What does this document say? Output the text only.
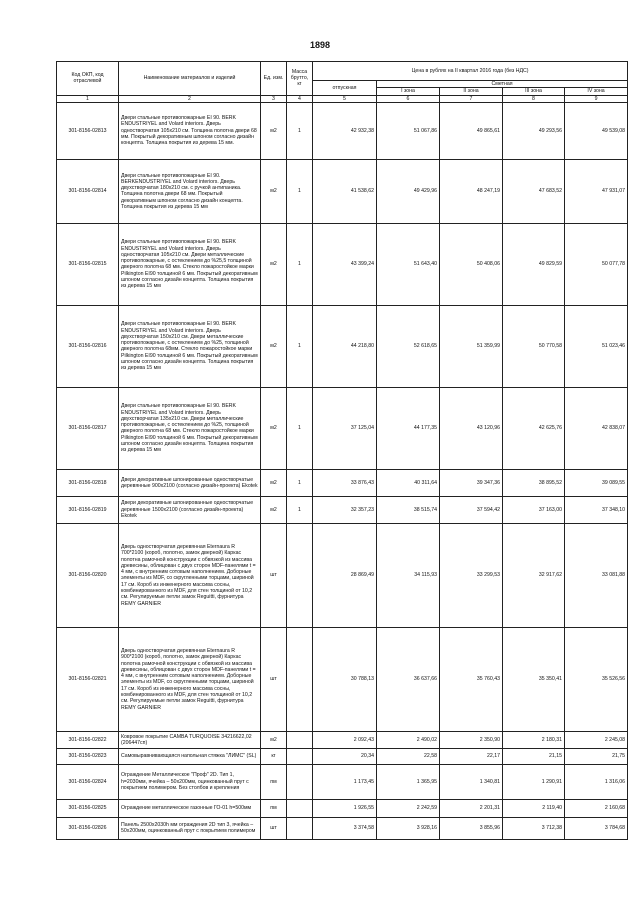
1898
Код ОКП, код отраслевой	Наименование материалов и изделий	Ед. изм.	Масса брутто, кг	Цена в рублях на II квартал 2016 года (без НДС)				
				отпускная	Сметная			
					I зона	II зона	III зона	IV зона
1	2	3	4	5	6	7	8	9
301-8156-02813	Двери стальные противопожарные EI 90. BERK ENDUSTRIYEL and Volard interiors. Дверь одностворчатая 105х210 см. Толщина полотна двери 68 мм. Покрытый декоративным шпоном согласно дизайн концепта. Толщина покрытия из дерева 15 мм.	м2	1	42 932,38	51 067,86	49 865,61	49 293,56	49 539,08
301-8156-02814	Двери стальные противопожарные EI 90. BERKENDUSTRIYEL and Volard interiors. Дверь двухстворчатая 180х210 см. с ручкой антипаника. Толщина полотна двери 68 мм. Покрытый декоративным шпоном согласно дизайн концепта. Толщина покрытия из дерева 15 мм	м2	1	41 538,62	49 429,96	48 247,19	47 683,52	47 931,07
301-8156-02815	Двери стальные противопожарные EI 90. BERK ENDUSTRIYEL and Volard interiors. Дверь одностворчатая 105х210 см. Двери металлические противопожарные, с остеклением до %25,5 толщиной дверного полотна 68 мм. Стекло пожаростойкое марки Pilkington EI90 толщиной 6 мм. Покрытый декоративным шпоном согласно дизайн концепта. Толщина покрытия из дерева 15 мм	м2	1	43 399,24	51 643,40	50 408,06	49 829,59	50 077,78
301-8156-02816	Двери стальные противопожарные EI 90. BERK ENDUSTRIYEL and Volard interiors. Дверь двухстворчатая 150х210 см. Двери металлические противопожарные, с остеклением до %25, толщиной дверного полотна 68мм. Стекло пожаростойкое марки Pilkington EI90 толщиной 6 мм. Покрытый декоративным шпоном согласно дизайн концепта. Толщина покрытия из дерева 15 мм	м2	1	44 218,80	52 618,65	51 359,99	50 770,58	51 023,46
301-8156-02817	Двери стальные противопожарные EI 90. BERK ENDUSTRIYEL and Volard interiors. Дверь двухстворчатая 135х210 см. Двери металлические противопожарные, с остеклением до %25, толщиной дверного полотна 68 мм. Стекло пожаростойкое марки Pilkington EI90 толщиной 6 мм. Покрытый декоративным шпоном согласно дизайн концепта. Толщина покрытия из дерева 15 мм	м2	1	37 125,04	44 177,35	43 120,96	42 625,76	42 838,07
301-8156-02818	Двери декоративные шпонированные одностворчатые деревянные 900х2100 (согласно дизайн-проекта) Ekotek	м2	1	33 876,43	40 311,64	39 347,36	38 895,52	39 089,55
301-8156-02819	Двери декоративные шпонированные одностворчатые деревянные 1500х2100 (согласно дизайн-проекта) Ekotek	м2	1	32 357,23	38 515,74	37 594,42	37 163,00	37 348,10
301-8156-02820	Дверь одностворчатая деревянная Eternaura R 700*2100 (короб, полотно, замок дверной) Каркас полотна рамочной конструкции с обвязкой из массива древесины, облицован с двух сторон MDF-панелями t = 4 мм, с внутренним сотовым наполнением. Доборные элементы из MDF, со скругленными торцами, шириной 17 см. Короб из инженерного массива сосны, комбинированного из MDF, для стен толщиной от 10,2 см. Регулируемые петли замок Reguitti, фурнитура REMY GARNIER	шт		28 869,49	34 115,93	33 299,53	32 917,62	33 081,88
301-8156-02821	Дверь одностворчатая деревянная Eternaura R 900*2100 (короб, полотно, замок дверной) Каркас полотна рамочной конструкции с обвязкой из массива древесины, облицован с двух сторон MDF-панелями t = 4 мм, с внутренним сотовым наполнением. Доборные элементы из MDF, со скругленными торцами, шириной 17 см. Короб из инженерного массива сосны, комбинированного из MDF, для стен толщиной от 10,2 см. Регулируемые петли замок Reguitti, фурнитура REMY GARNIER	шт		30 788,13	36 637,66	35 760,43	35 350,41	35 526,56
301-8156-02822	Ковровое покрытие CAMBA TURQUOISE 34216622,02 (206447сп)	м2		2 092,43	2 490,02	2 350,90	2 180,31	2 245,08
301-8156-02823	Самовыравнивающаяся напольная стяжка "ЛИМС" (SL)	кг		20,34	22,58	22,17	21,15	21,75
301-8156-02824	Ограждение Металлическое "Проф" 2D. Тип 1, h=2030мм, ячейка – 50х200мм, оцинкованный прут с покрытием полимером. Без столбов и крепления	пм		1 173,45	1 365,95	1 340,81	1 290,91	1 316,06
301-8156-02825	Ограждение металлическое газонные ГО-01 h=500мм	пм		1 926,55	2 242,59	2 201,31	2 119,40	2 160,68
301-8156-02826	Панель 2500х2030h мм ограждения 2D тип 3, ячейка – 50х200мм, оцинкованный прут с покрытием полимером	шт		3 374,58	3 928,16	3 855,96	3 712,38	3 784,68
